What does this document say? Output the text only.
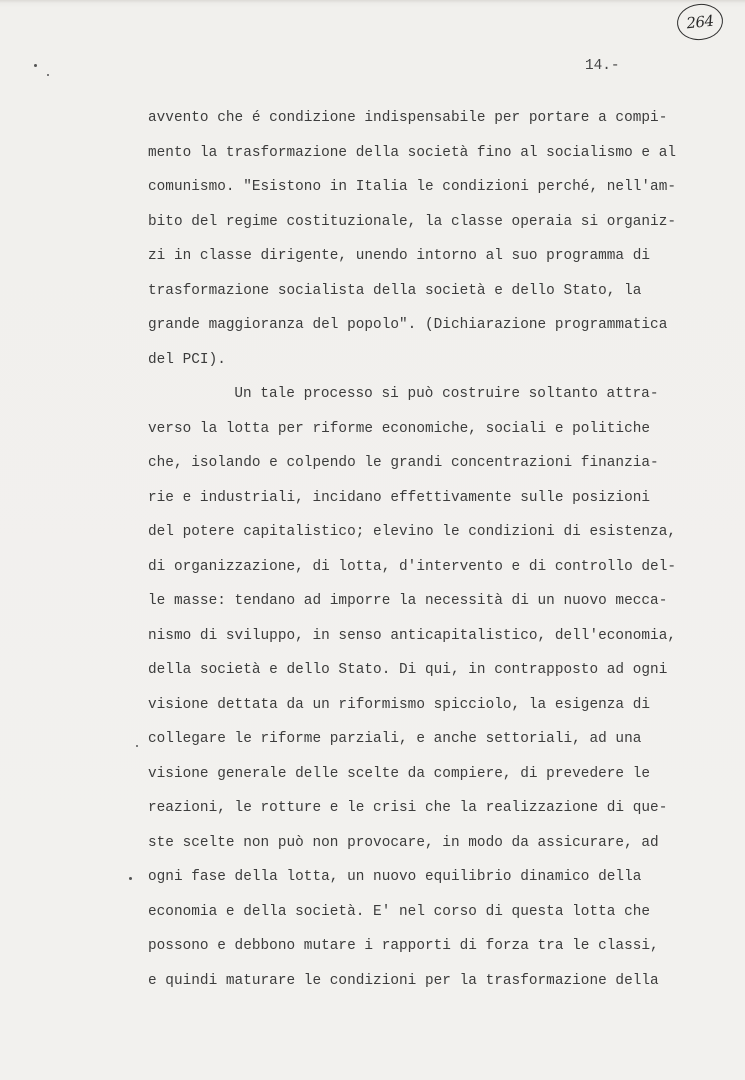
264
14.-
avvento che é condizione indispensabile per portare a compi-
mento la trasformazione della società fino al socialismo e al
comunismo. "Esistono in Italia le condizioni perché, nell'am-
bito del regime costituzionale, la classe operaia si organiz-
zi in classe dirigente, unendo intorno al suo programma di
trasformazione socialista della società e dello Stato, la
grande maggioranza del popolo". (Dichiarazione programmatica
del PCI).
Un tale processo si può costruire soltanto attra-
verso la lotta per riforme economiche, sociali e politiche
che, isolando e colpendo le grandi concentrazioni finanzia-
rie e industriali, incidano effettivamente sulle posizioni
del potere capitalistico; elevino le condizioni di esistenza,
di organizzazione, di lotta, d'intervento e di controllo del-
le masse: tendano ad imporre la necessità di un nuovo mecca-
nismo di sviluppo, in senso anticapitalistico, dell'economia,
della società e dello Stato. Di qui, in contrapposto ad ogni
visione dettata da un riformismo spicciolo, la esigenza di
collegare le riforme parziali, e anche settoriali, ad una
visione generale delle scelte da compiere, di prevedere le
reazioni, le rotture e le crisi che la realizzazione di que-
ste scelte non può non provocare, in modo da assicurare, ad
ogni fase della lotta, un nuovo equilibrio dinamico della
economia e della società. E' nel corso di questa lotta che
possono e debbono mutare i rapporti di forza tra le classi,
e quindi maturare le condizioni per la trasformazione della
